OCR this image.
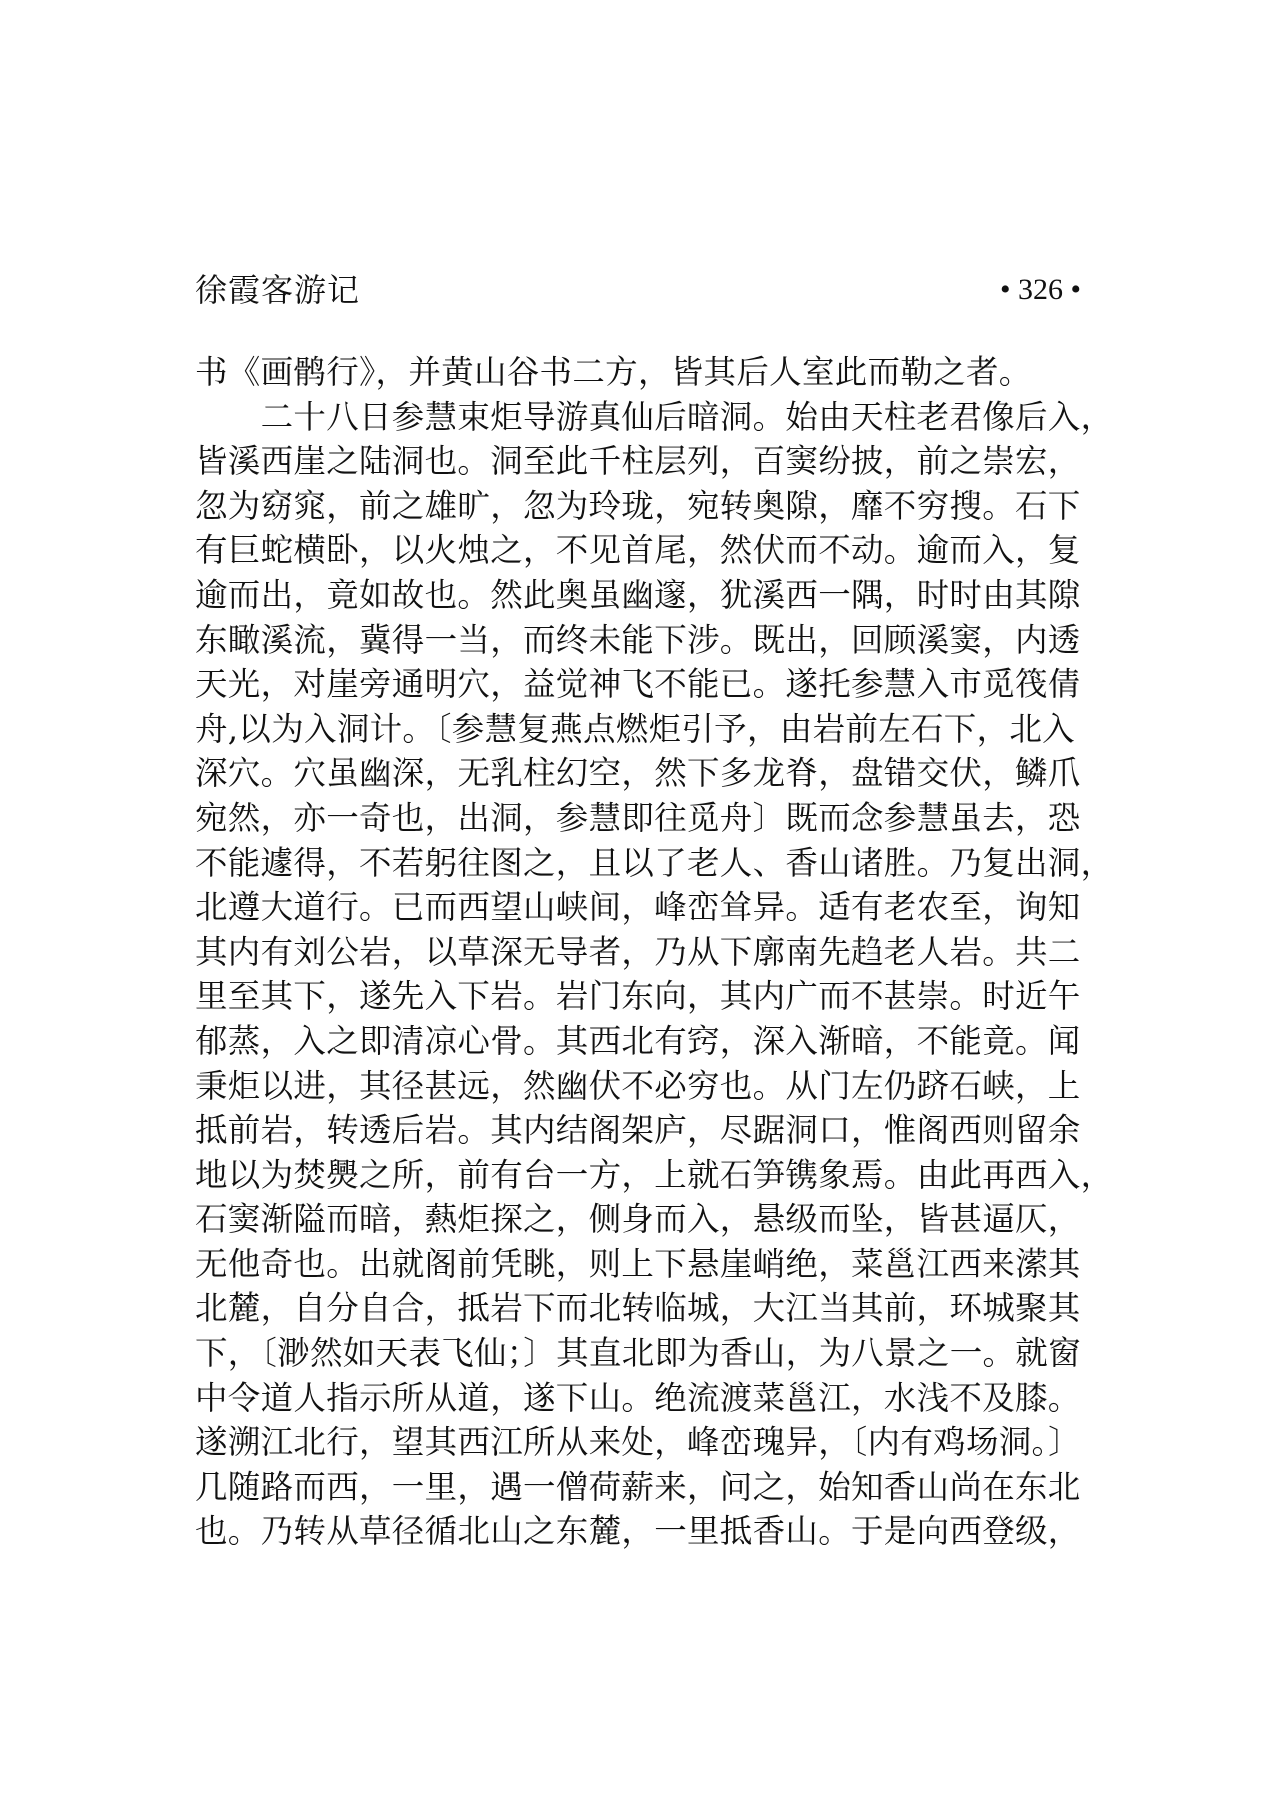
徐霞客游记	• 326 •
书《画鹘行》，并黄山谷书二方，皆其后人室此而勒之者。
　　二十八日参慧束炬导游真仙后暗洞。始由天柱老君像后入，
皆溪西崖之陆洞也。洞至此千柱层列，百窦纷披，前之崇宏，
忽为窈窕，前之雄旷，忽为玲珑，宛转奥隙，靡不穷搜。石下
有巨蛇横卧，以火烛之，不见首尾，然伏而不动。逾而入，复
逾而出，竟如故也。然此奥虽幽邃，犹溪西一隅，时时由其隙
东瞰溪流，冀得一当，而终未能下涉。既出，回顾溪窦，内透
天光，对崖旁通明穴，益觉神飞不能已。遂托参慧入市觅筏倩
舟,以为入洞计。〔参慧复燕点燃炬引予，由岩前左石下，北入
深穴。穴虽幽深，无乳柱幻空，然下多龙脊，盘错交伏，鳞爪
宛然，亦一奇也，出洞，参慧即往觅舟〕既而念参慧虽去，恐
不能遽得，不若躬往图之，且以了老人、香山诸胜。乃复出洞，
北遵大道行。已而西望山峡间，峰峦耸异。适有老农至，询知
其内有刘公岩，以草深无导者，乃从下廓南先趋老人岩。共二
里至其下，遂先入下岩。岩门东向，其内广而不甚崇。时近午
郁蒸，入之即清凉心骨。其西北有窍，深入渐暗，不能竟。闻
秉炬以进，其径甚远，然幽伏不必穷也。从门左仍跻石峡，上
抵前岩，转透后岩。其内结阁架庐，尽踞洞口，惟阁西则留余
地以为焚爂之所，前有台一方，上就石笋镌象焉。由此再西入，
石窦渐隘而暗，爇炬探之，侧身而入，悬级而坠，皆甚逼仄，
无他奇也。出就阁前凭眺，则上下悬崖峭绝，菜邕江西来潆其
北麓，自分自合，抵岩下而北转临城，大江当其前，环城聚其
下，〔渺然如天表飞仙；〕其直北即为香山，为八景之一。就窗
中令道人指示所从道，遂下山。绝流渡菜邕江，水浅不及膝。
遂溯江北行，望其西江所从来处，峰峦瑰异，〔内有鸡场洞。〕
几随路而西，一里，遇一僧荷薪来，问之，始知香山尚在东北
也。乃转从草径循北山之东麓，一里抵香山。于是向西登级，
